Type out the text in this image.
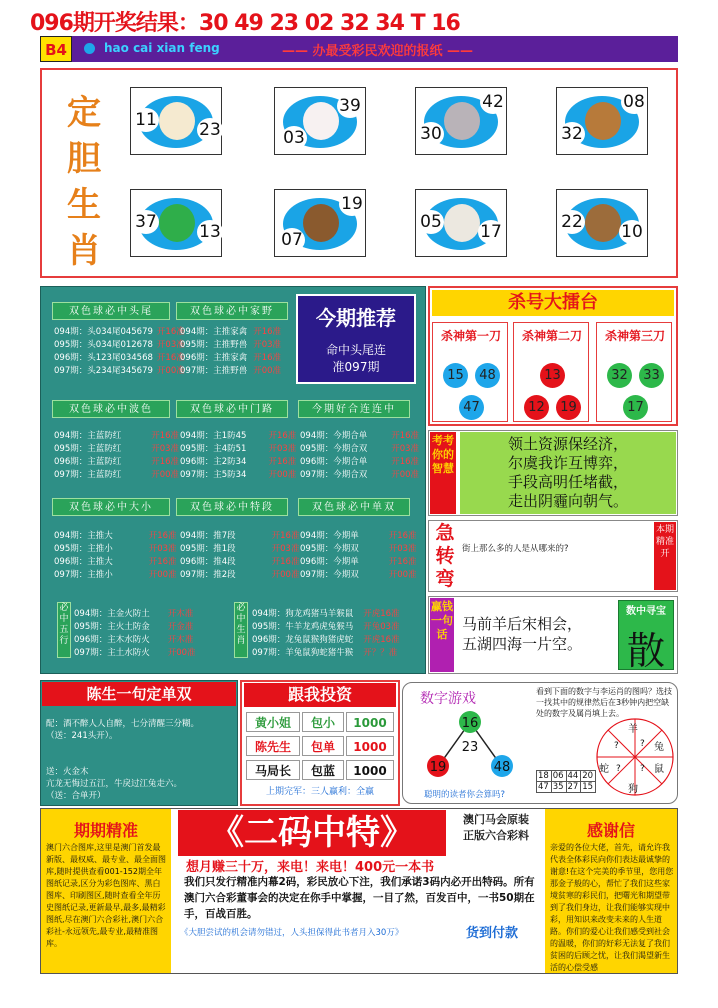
096期开奖结果：30 49 23 02 32 34 T 16
B4	hao cai xian feng	—— 办最受彩民欢迎的报纸 ——
定
胆
生
肖
11 23
39
03
42
30
08
32
37 13
19
07
05 17	22 10
双色球必中头尾
094期：头034尾045679 开16准
095期：头034尾012678 开03准
096期：头123尾034568 开16准
097期：头234尾345679 开00准
双色球必中家野
094期：主推家禽 开16准
095期：主推野兽 开03准
096期：主推家禽 开16准
097期：主推野兽 开00准
双色球必中波色
094期：主蓝防红	开16准
095期：主蓝防红	开03准
096期：主蓝防红	开16准
097期：主蓝防红	开00准
双色球必中门路
094期：主1防45	开16准
095期：主4防51	开03准
096期：主2防34	开16准
097期：主5防34	开00准
今期好合连连中
094期：今期合单	开16准
095期：今期合双	开03准
096期：今期合单	开16准
097期：今期合双	开00准
双色球必中大小
094期：主推大	开16准
095期：主推小	开03准
096期：主推大	开16准
097期：主推小	开00准
双色球必中特段
094期：推7段	开16准
095期：推1段	开03准
096期：推4段	开16准
097期：推2段	开00准
双色球必中单双
094期：今期单	开16准
095期：今期双	开03准
096期：今期单	开16准
097期：今期双	开00准
必中五行
094期：主金火防土 开木准
095期：主火土防金 开金准
096期：主木水防火 开木准
097期：主土水防火 开00准
必中生肖
094期：狗龙鸡猪马羊猴鼠 开虎16准
095期：牛羊龙鸡虎兔猴马 开兔03准
096期：龙兔鼠猴狗猪虎蛇 开虎16准
097期：羊兔鼠狗蛇猪牛猴 开？？准
今期推荐
命中头尾连
准097期
杀号大擂台
杀神第一刀
15	48
47
杀神第二刀
13
12	19
杀神第三刀
32	33
17
考考你的智慧
领土资源保经济，
尔虞我诈互博弈，
手段高明任堵截，
走出阴霾向朝气。
急转弯
街上那么多的人是从哪来的?
本期精准开
赢钱一句话
马前羊后宋相会，
五湖四海一片空。
数中寻宝
散
陈生一句定单双
配：酒不醉人人自醉，七分清醒三分糊。
（送：241头开）。
送：火金木
亢龙无悔过五江，牛戾过江兔走六。
（送：合单开）
跟我投资
黄小姐	包小	1000
陈先生	包单	1000
马局长	包蓝	1000
上期完军：三人赢利：全赢
数字游戏
16
23
19	48
聪明的读者你会算吗?
看到下面的数字与李运肖的图吗？选技一找其中的规律然后在3秒钟内把空缺处的数字及属肖填上去。
18	06	44	20
47	35	27	15
羊
兔
鼠
狗
蛇
? ?
?
?
期期精准
澳门六合图库,这里是澳门首发最新版、最权威、最专业、最全面图库,随时提供查看001-152期全年图纸记录,区分为彩色图库、黑白图库、印刷图区,随时查看全年历史图纸记录,更新最早,最多,最精彩图纸,尽在澳门六合彩社,澳门六合彩社-永远领先,最专业,最精准图库。
《二码中特》	澳门马会原装
正版六合彩料
想月赚三十万，来电！来电！400元一本书
我们只发行精准内幕2码，彩民放心下注，我们承诺3码内必开出特码。所有澳门六合彩董事会的决定在你手中掌握，一目了然，百发百中，一书50期在手，百战百胜。
《大胆尝试的机会请勿错过，人头担保得此书者月入30万》	货到付款
感谢信
亲爱的各位大佬，首先，请允许我代表全体彩民向你们表达最诚挚的谢意!在这个完美的季节里，您用您那金子般的心，帮忙了我们这些家境贫寒的彩民们，把曙光和期望带到了我们身边，让我们能够实现中彩，用知识来改变未来的人生道路。你们的爱心让我们感受到社会的温暖，你们的好彩无法复了我们贫困的后顾之忧，让我们渴望新生活的心偿受感
